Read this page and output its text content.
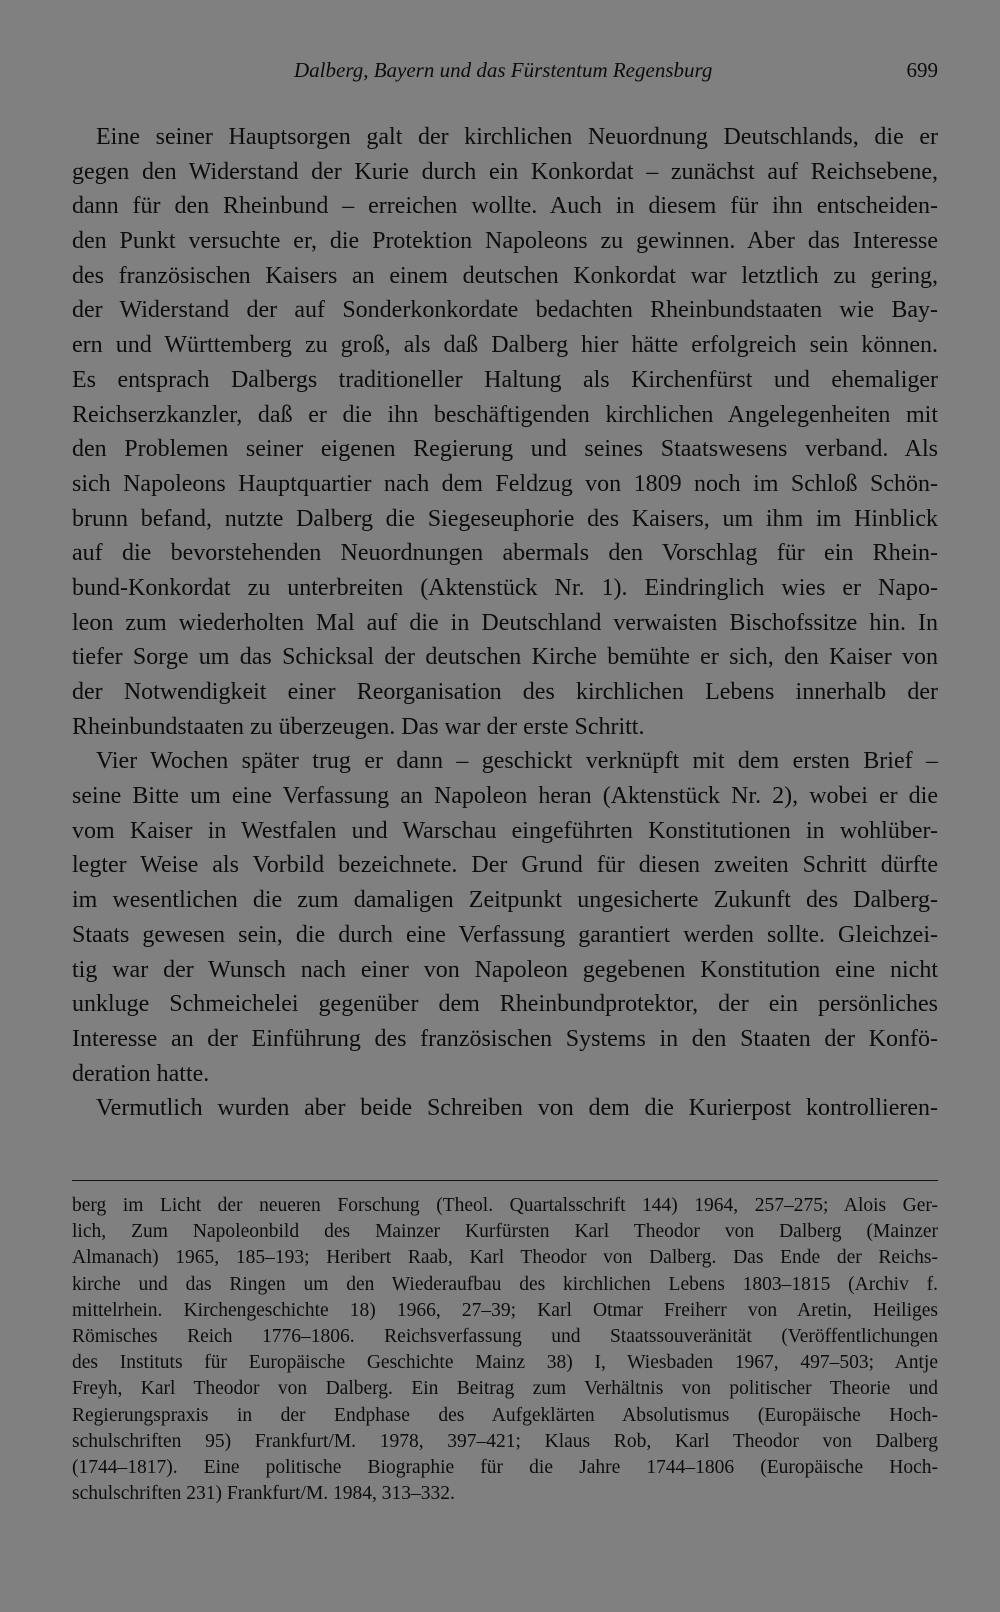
Dalberg, Bayern und das Fürstentum Regensburg	699
Eine seiner Hauptsorgen galt der kirchlichen Neuordnung Deutschlands, die er
gegen den Widerstand der Kurie durch ein Konkordat – zunächst auf Reichsebene,
dann für den Rheinbund – erreichen wollte. Auch in diesem für ihn entscheiden-
den Punkt versuchte er, die Protektion Napoleons zu gewinnen. Aber das Interesse
des französischen Kaisers an einem deutschen Konkordat war letztlich zu gering,
der Widerstand der auf Sonderkonkordate bedachten Rheinbundstaaten wie Bay-
ern und Württemberg zu groß, als daß Dalberg hier hätte erfolgreich sein können.
Es entsprach Dalbergs traditioneller Haltung als Kirchenfürst und ehemaliger
Reichserzkanzler, daß er die ihn beschäftigenden kirchlichen Angelegenheiten mit
den Problemen seiner eigenen Regierung und seines Staatswesens verband. Als
sich Napoleons Hauptquartier nach dem Feldzug von 1809 noch im Schloß Schön-
brunn befand, nutzte Dalberg die Siegeseuphorie des Kaisers, um ihm im Hinblick
auf die bevorstehenden Neuordnungen abermals den Vorschlag für ein Rhein-
bund-Konkordat zu unterbreiten (Aktenstück Nr. 1). Eindringlich wies er Napo-
leon zum wiederholten Mal auf die in Deutschland verwaisten Bischofssitze hin. In
tiefer Sorge um das Schicksal der deutschen Kirche bemühte er sich, den Kaiser von
der Notwendigkeit einer Reorganisation des kirchlichen Lebens innerhalb der
Rheinbundstaaten zu überzeugen. Das war der erste Schritt.
Vier Wochen später trug er dann – geschickt verknüpft mit dem ersten Brief –
seine Bitte um eine Verfassung an Napoleon heran (Aktenstück Nr. 2), wobei er die
vom Kaiser in Westfalen und Warschau eingeführten Konstitutionen in wohlüber-
legter Weise als Vorbild bezeichnete. Der Grund für diesen zweiten Schritt dürfte
im wesentlichen die zum damaligen Zeitpunkt ungesicherte Zukunft des Dalberg-
Staats gewesen sein, die durch eine Verfassung garantiert werden sollte. Gleichzei-
tig war der Wunsch nach einer von Napoleon gegebenen Konstitution eine nicht
unkluge Schmeichelei gegenüber dem Rheinbundprotektor, der ein persönliches
Interesse an der Einführung des französischen Systems in den Staaten der Konfö-
deration hatte.
Vermutlich wurden aber beide Schreiben von dem die Kurierpost kontrollieren-
berg im Licht der neueren Forschung (Theol. Quartalsschrift 144) 1964, 257–275; Alois Ger-
lich, Zum Napoleonbild des Mainzer Kurfürsten Karl Theodor von Dalberg (Mainzer
Almanach) 1965, 185–193; Heribert Raab, Karl Theodor von Dalberg. Das Ende der Reichs-
kirche und das Ringen um den Wiederaufbau des kirchlichen Lebens 1803–1815 (Archiv f.
mittelrhein. Kirchengeschichte 18) 1966, 27–39; Karl Otmar Freiherr von Aretin, Heiliges
Römisches Reich 1776–1806. Reichsverfassung und Staatssouveränität (Veröffentlichungen
des Instituts für Europäische Geschichte Mainz 38) I, Wiesbaden 1967, 497–503; Antje
Freyh, Karl Theodor von Dalberg. Ein Beitrag zum Verhältnis von politischer Theorie und
Regierungspraxis in der Endphase des Aufgeklärten Absolutismus (Europäische Hoch-
schulschriften 95) Frankfurt/M. 1978, 397–421; Klaus Rob, Karl Theodor von Dalberg
(1744–1817). Eine politische Biographie für die Jahre 1744–1806 (Europäische Hoch-
schulschriften 231) Frankfurt/M. 1984, 313–332.
